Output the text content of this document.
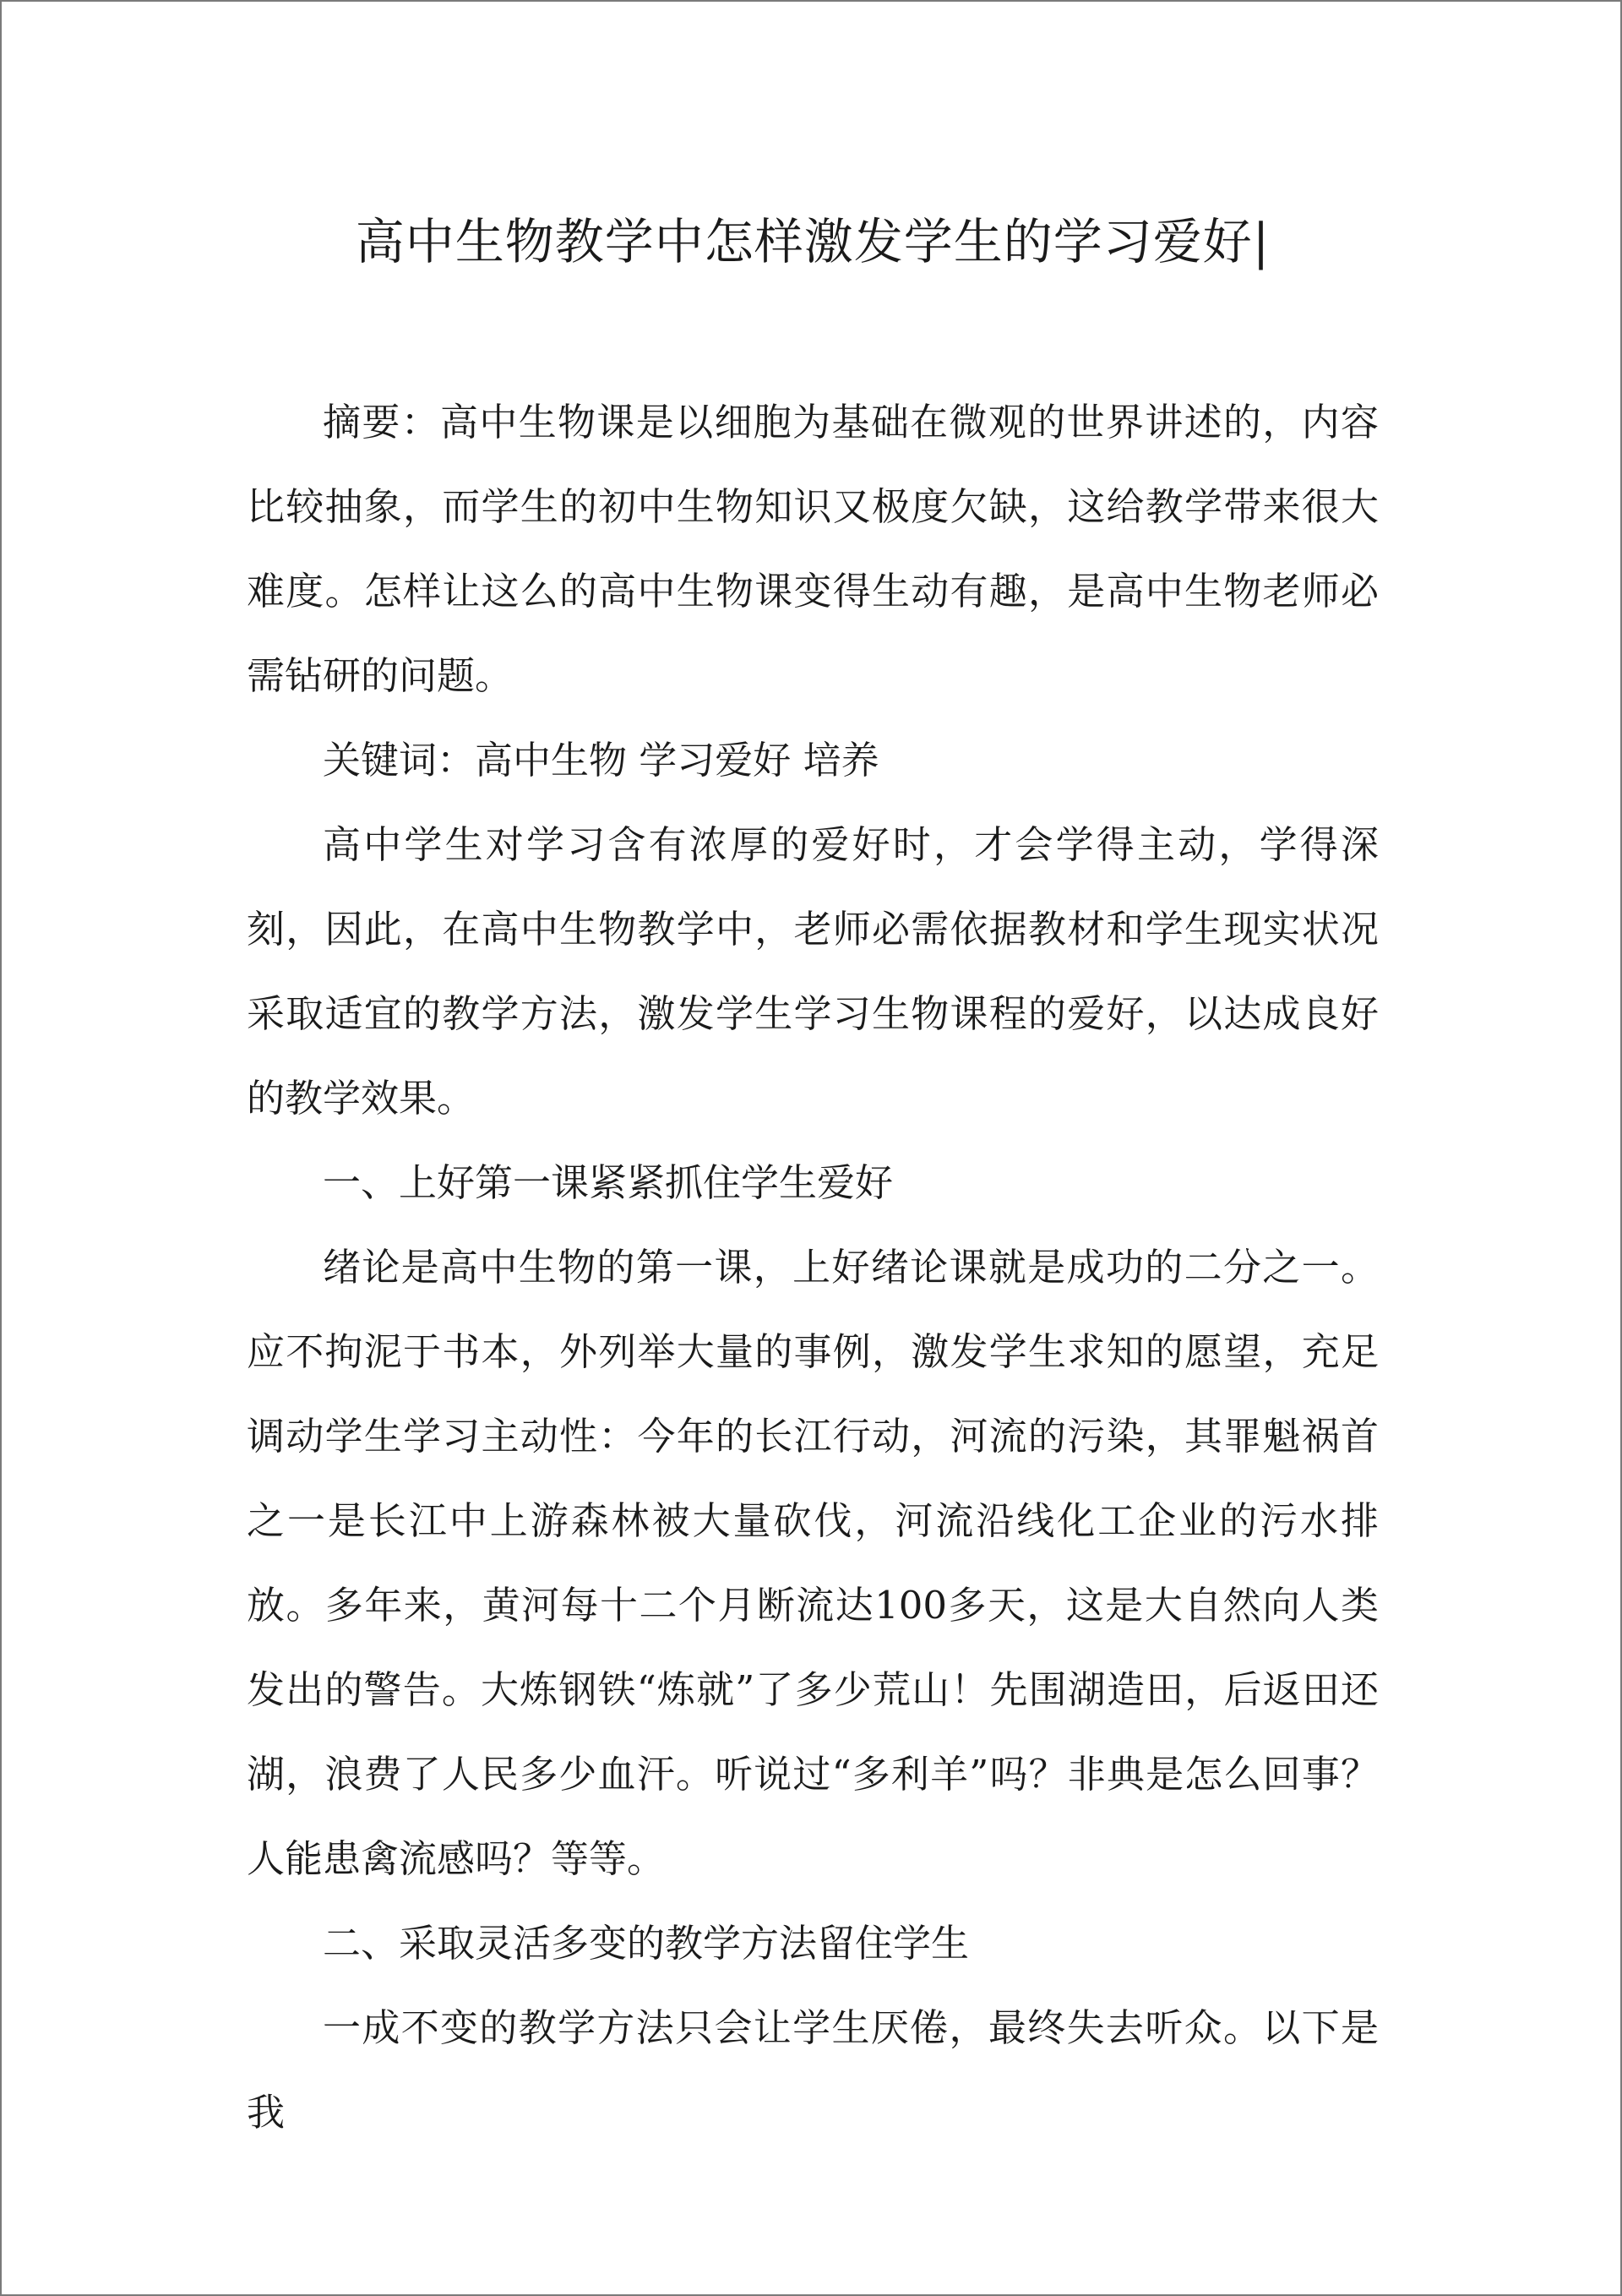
高中生物教学中怎样激发学生的学习爱好|

摘要：高中生物课是以细胞为基础在微观的世界讲述的，内容比较抽象，而学生的初中生物知识又极度欠缺，这给教学带来很大难度。怎样让这么的高中生物课变得生动有趣，是高中生物老师必需钻研的问题。

关键词：高中生物 学习爱好 培养

高中学生对学习含有浓厚的爱好时，才会学得主动，学得深刻，因此，在高中生物教学中，老师必需依据教材和学生现实状况采取适宜的教学方法，激发学生学习生物课程的爱好，以达成良好的教学效果。

一、上好第一课紧紧抓住学生爱好

绪论是高中生物的第一课，上好绪论课就是成功的二分之一。应不拘泥于书本，外列举大量的事例，激发学生求知的愿望，充足调动学生学习主动性：今年的长江行动，河流的污染，其罪魁祸首之一是长江中上游森林被大量砍伐，河流沿线化工企业的污水排放。多年来，黄河每十二个月断流达100多天，这是大自然向人类发出的警告。大炼钢铁“炼就”了多少荒山！先围湖造田，后返田还湖，浪费了人民多少血汗。听说过“多利羊”吗？非典是怎么回事？人能患禽流感吗？等等。

二、采取灵活多变的教学方法留住学生

一成不变的教学方法只会让学生厌倦，最终失去听众。以下是我
